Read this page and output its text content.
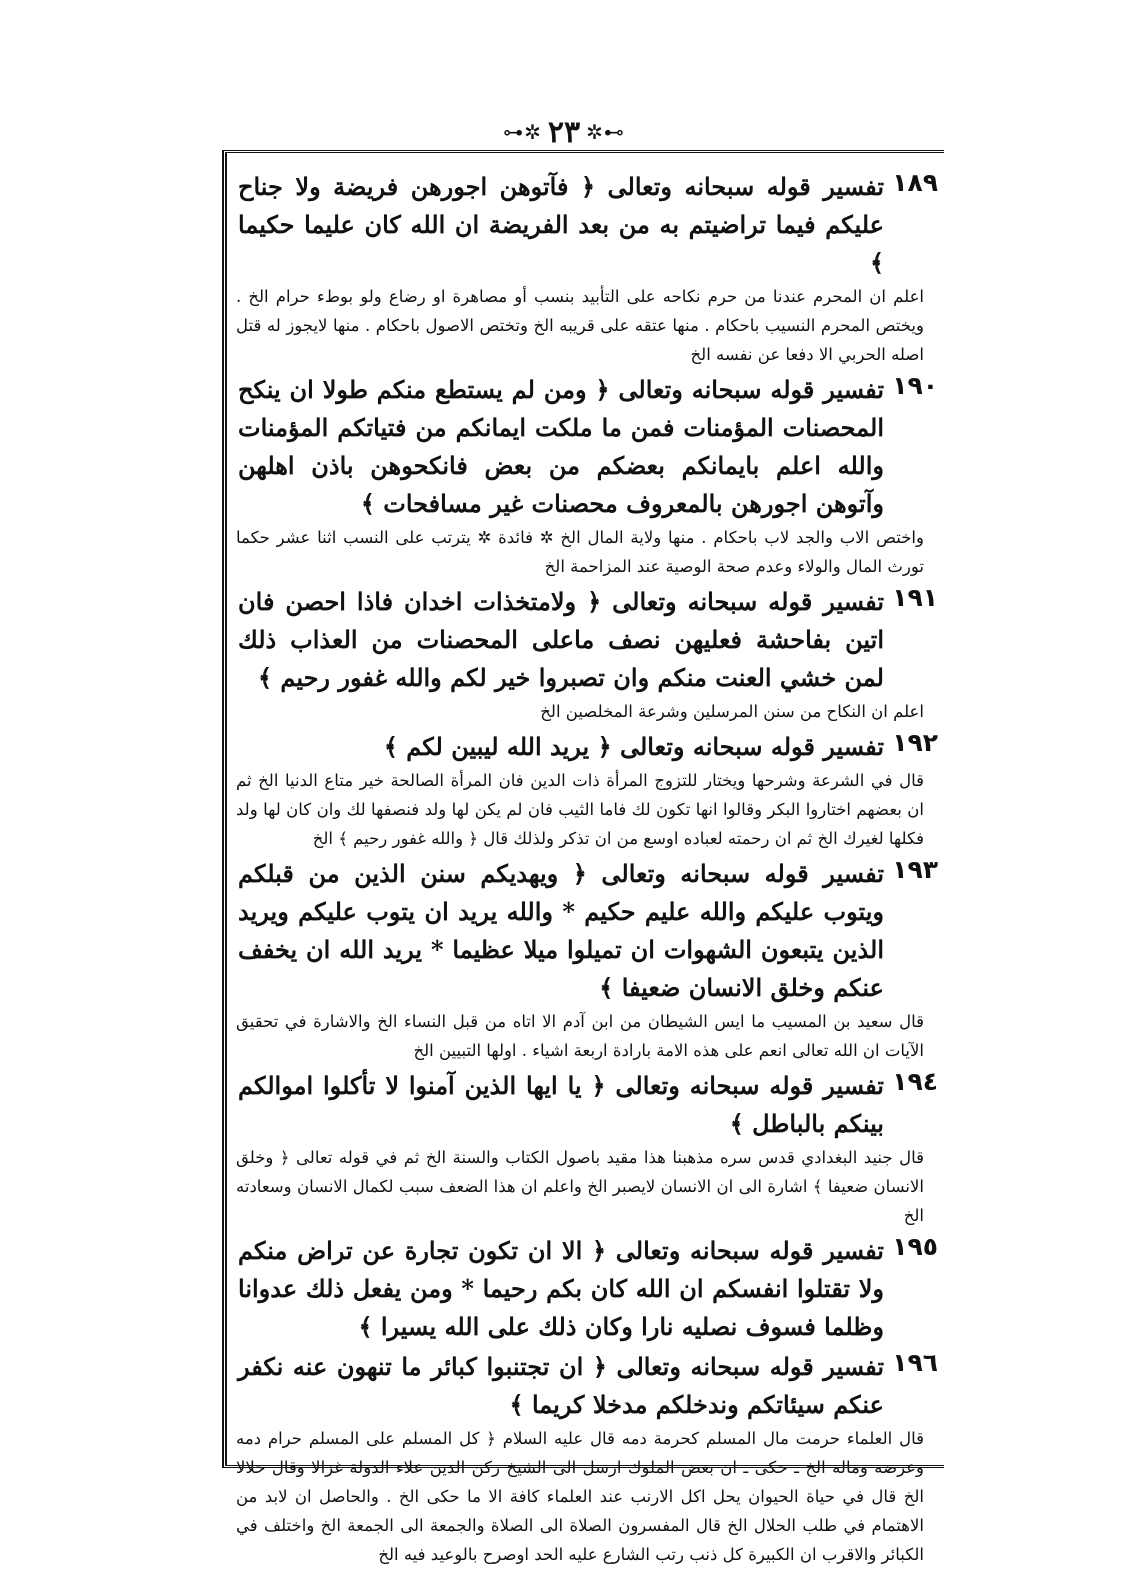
⊶✲ ٢٣ ✲⊷
١٨٩
تفسير قوله سبحانه وتعالى ﴿ فآتوهن اجورهن فريضة ولا جناح عليكم فيما تراضيتم به من بعد الفريضة ان الله كان عليما حكيما ﴾
اعلم ان المحرم عندنا من حرم نكاحه على التأبيد بنسب أو مصاهرة او رضاع ولو بوطء حرام الخ . ويختص المحرم النسيب باحكام . منها عتقه على قريبه الخ وتختص الاصول باحكام . منها لايجوز له قتل اصله الحربي الا دفعا عن نفسه الخ
١٩٠
تفسير قوله سبحانه وتعالى ﴿ ومن لم يستطع منكم طولا ان ينكح المحصنات المؤمنات فمن ما ملكت ايمانكم من فتياتكم المؤمنات والله اعلم بايمانكم بعضكم من بعض فانكحوهن باذن اهلهن وآتوهن اجورهن بالمعروف محصنات غير مسافحات ﴾
واختص الاب والجد لاب باحكام . منها ولاية المال الخ ✲ فائدة ✲ يترتب على النسب اثنا عشر حكما تورث المال والولاء وعدم صحة الوصية عند المزاحمة الخ
١٩١
تفسير قوله سبحانه وتعالى ﴿ ولامتخذات اخدان فاذا احصن فان اتين بفاحشة فعليهن نصف ماعلى المحصنات من العذاب ذلك لمن خشي العنت منكم وان تصبروا خير لكم والله غفور رحيم ﴾
اعلم ان النكاح من سنن المرسلين وشرعة المخلصين الخ
١٩٢
تفسير قوله سبحانه وتعالى ﴿ يريد الله ليبين لكم ﴾
قال في الشرعة وشرحها ويختار للتزوج المرأة ذات الدين فان المرأة الصالحة خير متاع الدنيا الخ ثم ان بعضهم اختاروا البكر وقالوا انها تكون لك فاما الثيب فان لم يكن لها ولد فنصفها لك وان كان لها ولد فكلها لغيرك الخ ثم ان رحمته لعباده اوسع من ان تذكر ولذلك قال ﴿ والله غفور رحيم ﴾ الخ
١٩٣
تفسير قوله سبحانه وتعالى ﴿ ويهديكم سنن الذين من قبلكم ويتوب عليكم والله عليم حكيم * والله يريد ان يتوب عليكم ويريد الذين يتبعون الشهوات ان تميلوا ميلا عظيما * يريد الله ان يخفف عنكم وخلق الانسان ضعيفا ﴾
قال سعيد بن المسيب ما ايس الشيطان من ابن آدم الا اتاه من قبل النساء الخ والاشارة في تحقيق الآيات ان الله تعالى انعم على هذه الامة بارادة اربعة اشياء . اولها التبيين الخ
١٩٤
تفسير قوله سبحانه وتعالى ﴿ يا ايها الذين آمنوا لا تأكلوا اموالكم بينكم بالباطل ﴾
قال جنيد البغدادي قدس سره مذهبنا هذا مقيد باصول الكتاب والسنة الخ ثم في قوله تعالى ﴿ وخلق الانسان ضعيفا ﴾ اشارة الى ان الانسان لايصبر الخ واعلم ان هذا الضعف سبب لكمال الانسان وسعادته الخ
١٩٥
تفسير قوله سبحانه وتعالى ﴿ الا ان تكون تجارة عن تراض منكم ولا تقتلوا انفسكم ان الله كان بكم رحيما * ومن يفعل ذلك عدوانا وظلما فسوف نصليه نارا وكان ذلك على الله يسيرا ﴾
١٩٦
تفسير قوله سبحانه وتعالى ﴿ ان تجتنبوا كبائر ما تنهون عنه نكفر عنكم سيئاتكم وندخلكم مدخلا كريما ﴾
قال العلماء حرمت مال المسلم كحرمة دمه قال عليه السلام ﴿ كل المسلم على المسلم حرام دمه وعرضه وماله الخ ـ حكى ـ ان بعض الملوك ارسل الى الشيخ ركن الدين علاء الدولة غزالا وقال حلالا الخ قال في حياة الحيوان يحل اكل الارنب عند العلماء كافة الا ما حكى الخ . والحاصل ان لابد من الاهتمام في طلب الحلال الخ قال المفسرون الصلاة الى الصلاة والجمعة الى الجمعة الخ واختلف في الكبائر والاقرب ان الكبيرة كل ذنب رتب الشارع عليه الحد اوصرح بالوعيد فيه الخ
